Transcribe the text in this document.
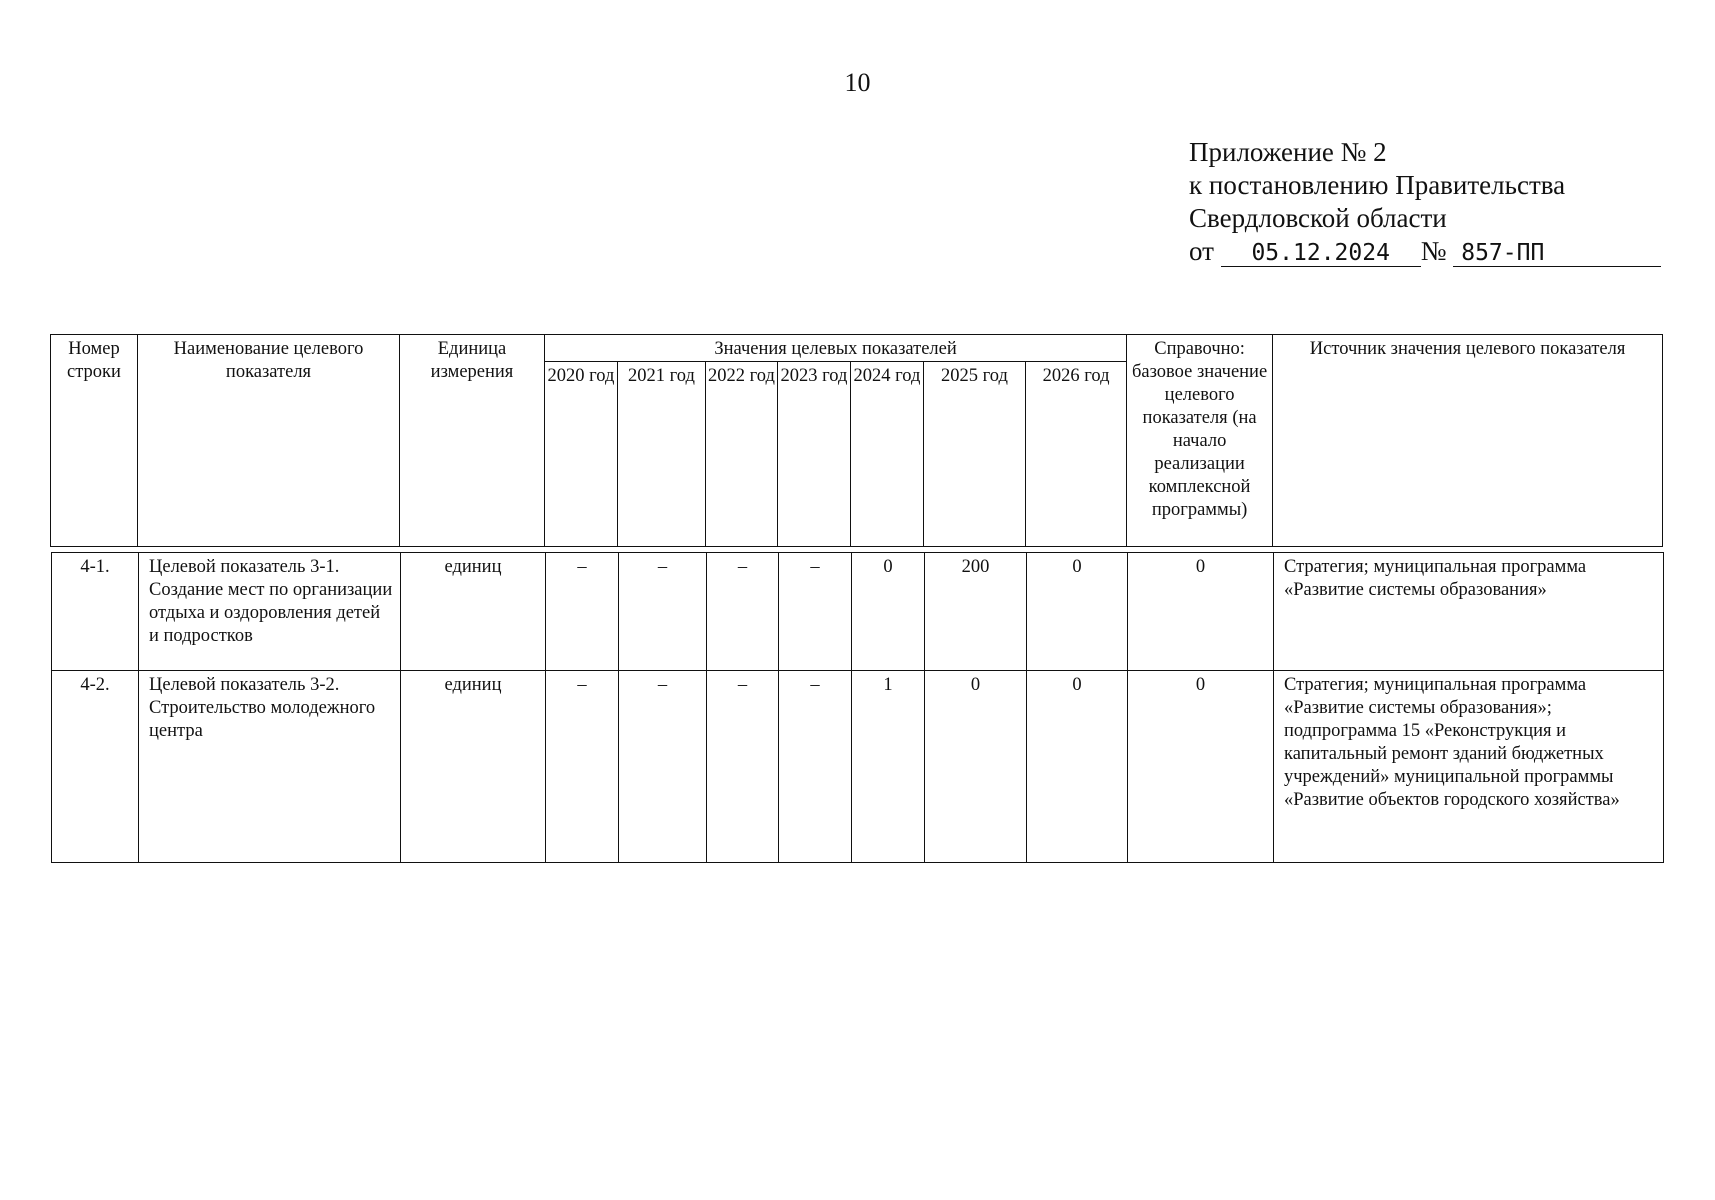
10
Приложение № 2
к постановлению Правительства
Свердловской области
от 05.12.2024 № 857-ПП
Номер строки	Наименование целевого показателя	Единица измерения	Значения целевых показателей							Справочно: базовое значение целевого показателя (на начало реализации комплексной программы)	Источник значения целевого показателя
			2020 год	2021 год	2022 год	2023 год	2024 год	2025 год	2026 год		
4-1.	Целевой показатель 3-1. Создание мест по организации отдыха и оздоровления детей и подростков	единиц	–	–	–	–	0	200	0	0	Стратегия; муниципальная программа «Развитие системы образования»
4-2.	Целевой показатель 3-2. Строительство молодежного центра	единиц	–	–	–	–	1	0	0	0	Стратегия; муниципальная программа «Развитие системы образования»; подпрограмма 15 «Реконструкция и капитальный ремонт зданий бюджетных учреждений» муниципальной программы «Развитие объектов городского хозяйства»
